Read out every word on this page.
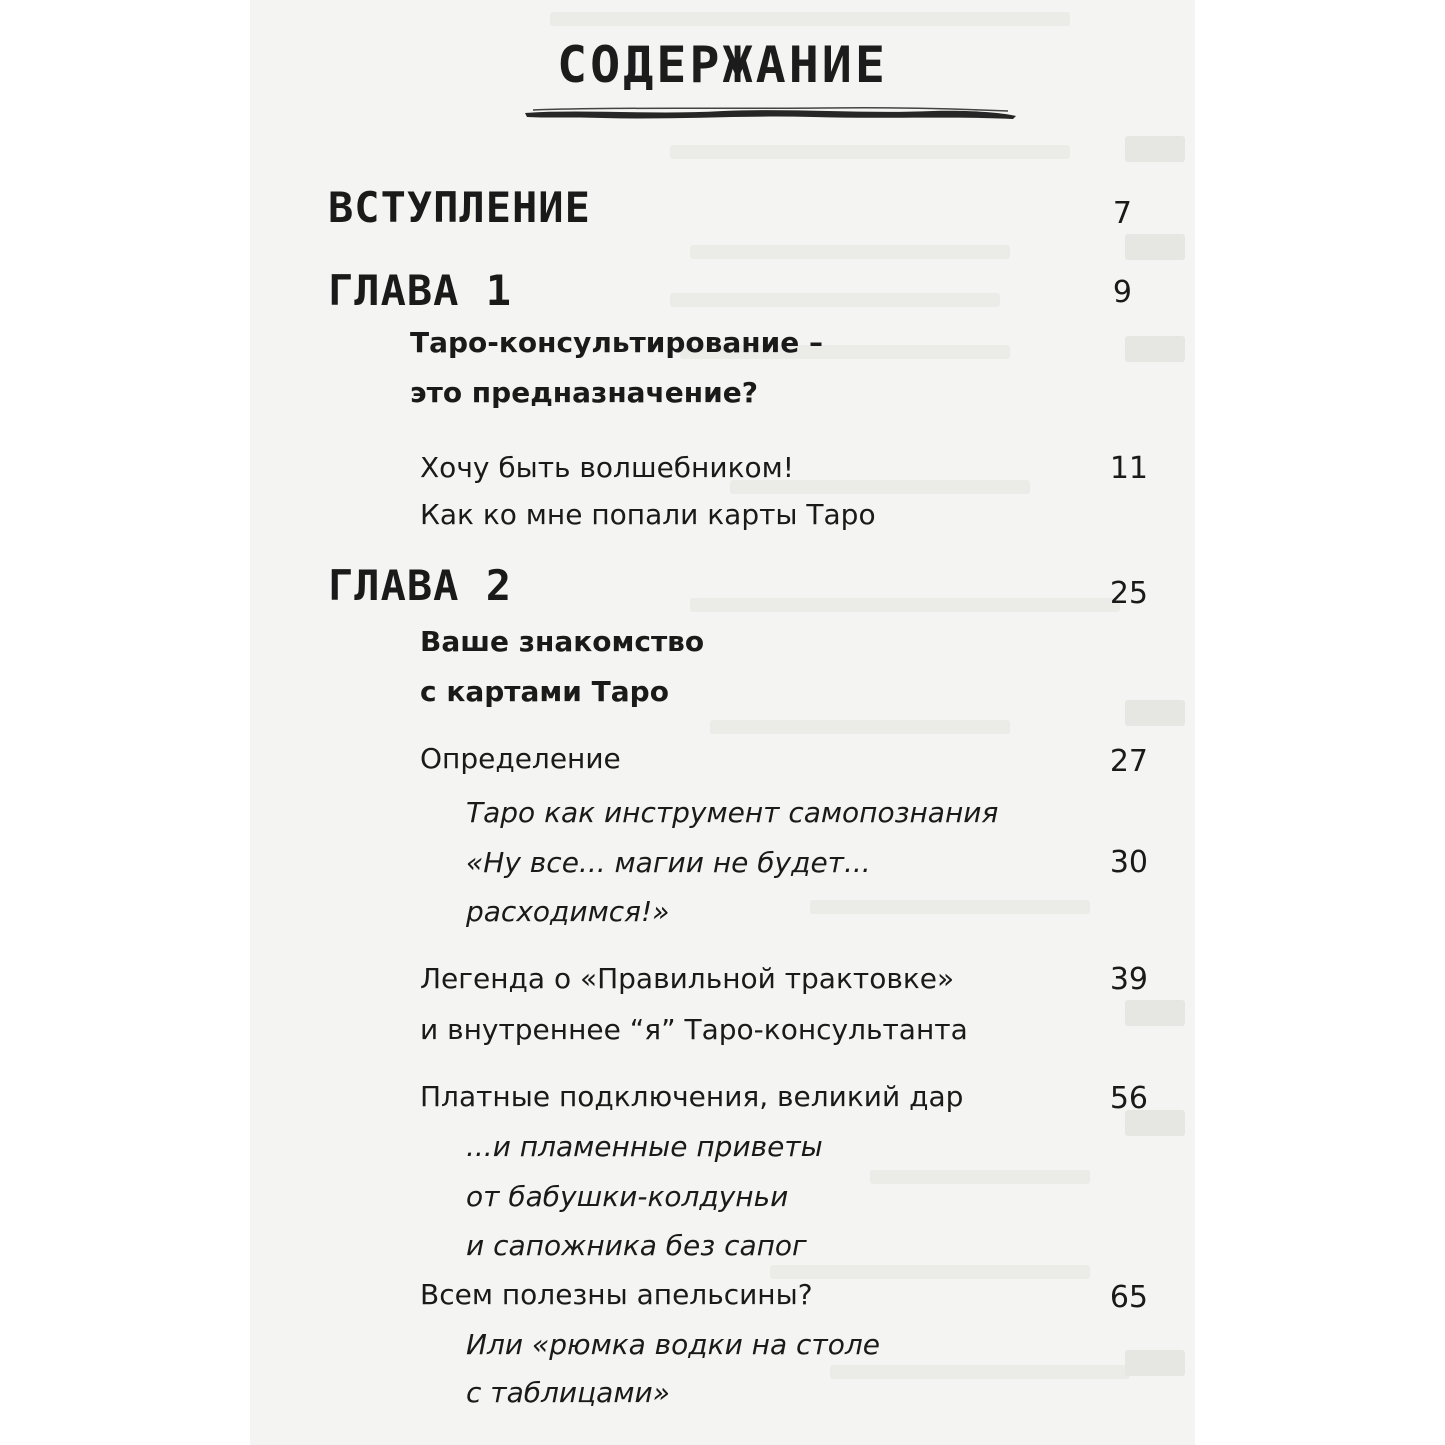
СОДЕРЖАНИЕ
ВСТУПЛЕНИЕ	7
ГЛАВА 1	9
Таро-консультирование –
это предназначение?
Хочу быть волшебником!	11
Как ко мне попали карты Таро
ГЛАВА 2	25
Ваше знакомство
с картами Таро
Определение	27
Таро как инструмент самопознания
«Ну все... магии не будет...	30
расходимся!»
Легенда о «Правильной трактовке»	39
и внутреннее “я” Таро-консультанта
Платные подключения, великий дар	56
...и пламенные приветы
от бабушки-колдуньи
и сапожника без сапог
Всем полезны апельсины?	65
Или «рюмка водки на столе
с таблицами»
